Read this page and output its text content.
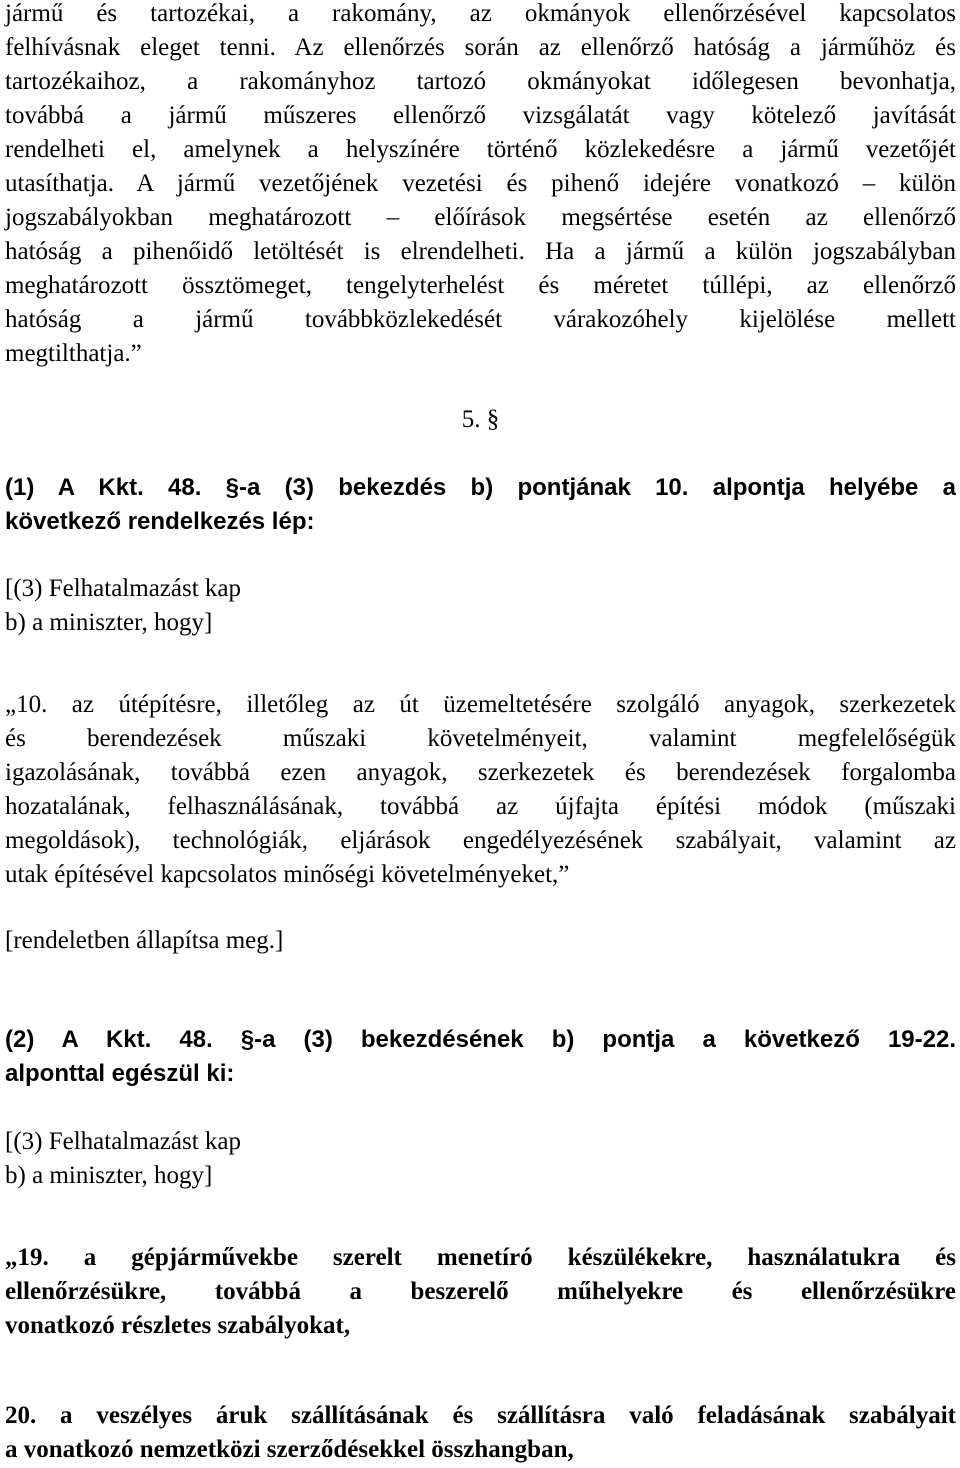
jármű és tartozékai, a rakomány, az okmányok ellenőrzésével kapcsolatos
felhívásnak eleget tenni. Az ellenőrzés során az ellenőrző hatóság a járműhöz és
tartozékaihoz, a rakományhoz tartozó okmányokat időlegesen bevonhatja,
továbbá a jármű műszeres ellenőrző vizsgálatát vagy kötelező javítását
rendelheti el, amelynek a helyszínére történő közlekedésre a jármű vezetőjét
utasíthatja. A jármű vezetőjének vezetési és pihenő idejére vonatkozó – külön
jogszabályokban meghatározott – előírások megsértése esetén az ellenőrző
hatóság a pihenőidő letöltését is elrendelheti. Ha a jármű a külön jogszabályban
meghatározott össztömeget, tengelyterhelést és méretet túllépi, az ellenőrző
hatóság a jármű továbbközlekedését várakozóhely kijelölése mellett
megtilthatja.”
5. §
(1) A Kkt. 48. §-a (3) bekezdés b) pontjának 10. alpontja helyébe a
következő rendelkezés lép:
[(3) Felhatalmazást kap
b) a miniszter, hogy]
„10. az útépítésre, illetőleg az út üzemeltetésére szolgáló anyagok, szerkezetek
és berendezések műszaki követelményeit, valamint megfelelőségük
igazolásának, továbbá ezen anyagok, szerkezetek és berendezések forgalomba
hozatalának, felhasználásának, továbbá az újfajta építési módok (műszaki
megoldások), technológiák, eljárások engedélyezésének szabályait, valamint az
utak építésével kapcsolatos minőségi követelményeket,”
[rendeletben állapítsa meg.]
(2) A Kkt. 48. §-a (3) bekezdésének b) pontja a következő 19-22.
alponttal egészül ki:
[(3) Felhatalmazást kap
b) a miniszter, hogy]
„19. a gépjárművekbe szerelt menetíró készülékekre, használatukra és
ellenőrzésükre, továbbá a beszerelő műhelyekre és ellenőrzésükre
vonatkozó részletes szabályokat,
20. a veszélyes áruk szállításának és szállításra való feladásának szabályait
a vonatkozó nemzetközi szerződésekkel összhangban,
